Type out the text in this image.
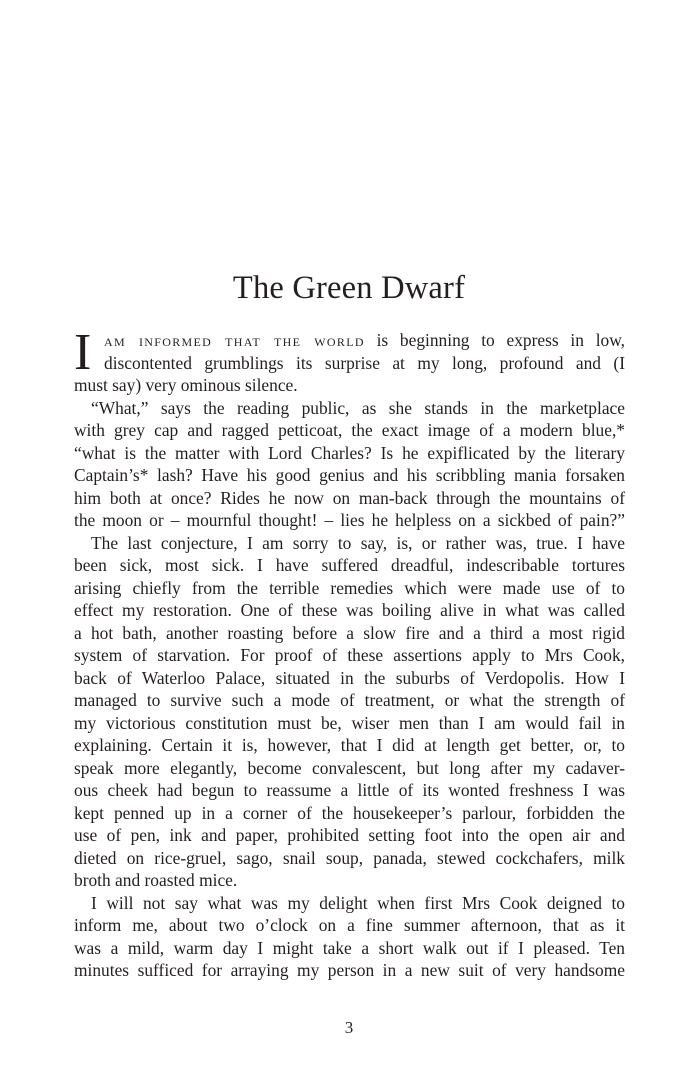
The Green Dwarf
I am informed that the world is beginning to express in low,
discontented grumblings its surprise at my long, profound and (I
must say) very ominous silence.
“What,” says the reading public, as she stands in the marketplace
with grey cap and ragged petticoat, the exact image of a modern blue,*
“what is the matter with Lord Charles? Is he expiflicated by the literary
Captain’s* lash? Have his good genius and his scribbling mania forsaken
him both at once? Rides he now on man-back through the mountains of
the moon or – mournful thought! – lies he helpless on a sickbed of pain?”
The last conjecture, I am sorry to say, is, or rather was, true. I have
been sick, most sick. I have suffered dreadful, indescribable tortures
arising chiefly from the terrible remedies which were made use of to
effect my restoration. One of these was boiling alive in what was called
a hot bath, another roasting before a slow fire and a third a most rigid
system of starvation. For proof of these assertions apply to Mrs Cook,
back of Waterloo Palace, situated in the suburbs of Verdopolis. How I
managed to survive such a mode of treatment, or what the strength of
my victorious constitution must be, wiser men than I am would fail in
explaining. Certain it is, however, that I did at length get better, or, to
speak more elegantly, become convalescent, but long after my cadaver-
ous cheek had begun to reassume a little of its wonted freshness I was
kept penned up in a corner of the housekeeper’s parlour, forbidden the
use of pen, ink and paper, prohibited setting foot into the open air and
dieted on rice-gruel, sago, snail soup, panada, stewed cockchafers, milk
broth and roasted mice.
I will not say what was my delight when first Mrs Cook deigned to
inform me, about two o’clock on a fine summer afternoon, that as it
was a mild, warm day I might take a short walk out if I pleased. Ten
minutes sufficed for arraying my person in a new suit of very handsome
3
